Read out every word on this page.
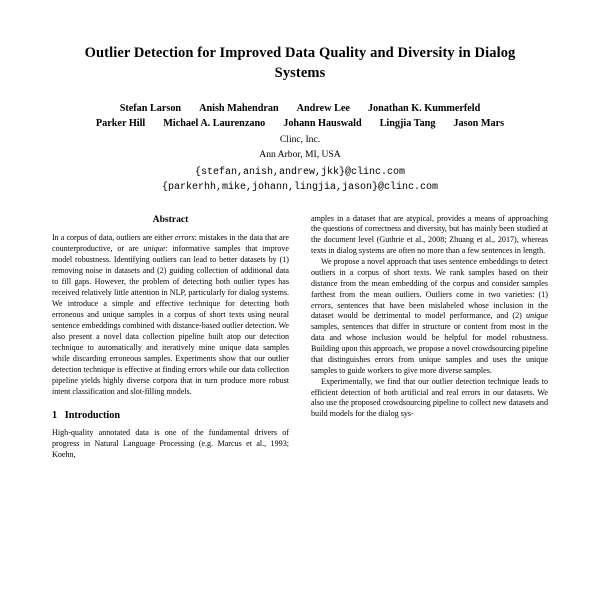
Outlier Detection for Improved Data Quality and Diversity in Dialog Systems
Stefan Larson Anish Mahendran Andrew Lee Jonathan K. Kummerfeld
Parker Hill Michael A. Laurenzano Johann Hauswald Lingjia Tang Jason Mars
Clinc, Inc.
Ann Arbor, MI, USA
{stefan,anish,andrew,jkk}@clinc.com
{parkerhh,mike,johann,lingjia,jason}@clinc.com
Abstract

In a corpus of data, outliers are either errors: mistakes in the data that are counterproductive, or are unique: informative samples that improve model robustness. Identifying outliers can lead to better datasets by (1) removing noise in datasets and (2) guiding collection of additional data to fill gaps. However, the problem of detecting both outlier types has received relatively little attention in NLP, particularly for dialog systems. We introduce a simple and effective technique for detecting both erroneous and unique samples in a corpus of short texts using neural sentence embeddings combined with distance-based outlier detection. We also present a novel data collection pipeline built atop our detection technique to automatically and iteratively mine unique data samples while discarding erroneous samples. Experiments show that our outlier detection technique is effective at finding errors while our data collection pipeline yields highly diverse corpora that in turn produce more robust intent classification and slot-filling models.

1 Introduction

High-quality annotated data is one of the fundamental drivers of progress in Natural Language Processing (e.g. Marcus et al., 1993; Koehn,

amples in a dataset that are atypical, provides a means of approaching the questions of correctness and diversity, but has mainly been studied at the document level (Guthrie et al., 2008; Zhuang et al., 2017), whereas texts in dialog systems are often no more than a few sentences in length.

We propose a novel approach that uses sentence embeddings to detect outliers in a corpus of short texts. We rank samples based on their distance from the mean embedding of the corpus and consider samples farthest from the mean outliers. Outliers come in two varieties: (1) errors, sentences that have been mislabeled whose inclusion in the dataset would be detrimental to model performance, and (2) unique samples, sentences that differ in structure or content from most in the data and whose inclusion would be helpful for model robustness. Building upon this approach, we propose a novel crowdsourcing pipeline that distinguishes errors from unique samples and uses the unique samples to guide workers to give more diverse samples.

Experimentally, we find that our outlier detection technique leads to efficient detection of both artificial and real errors in our datasets. We also use the proposed crowdsourcing pipeline to collect new datasets and build models for the dialog sys-
